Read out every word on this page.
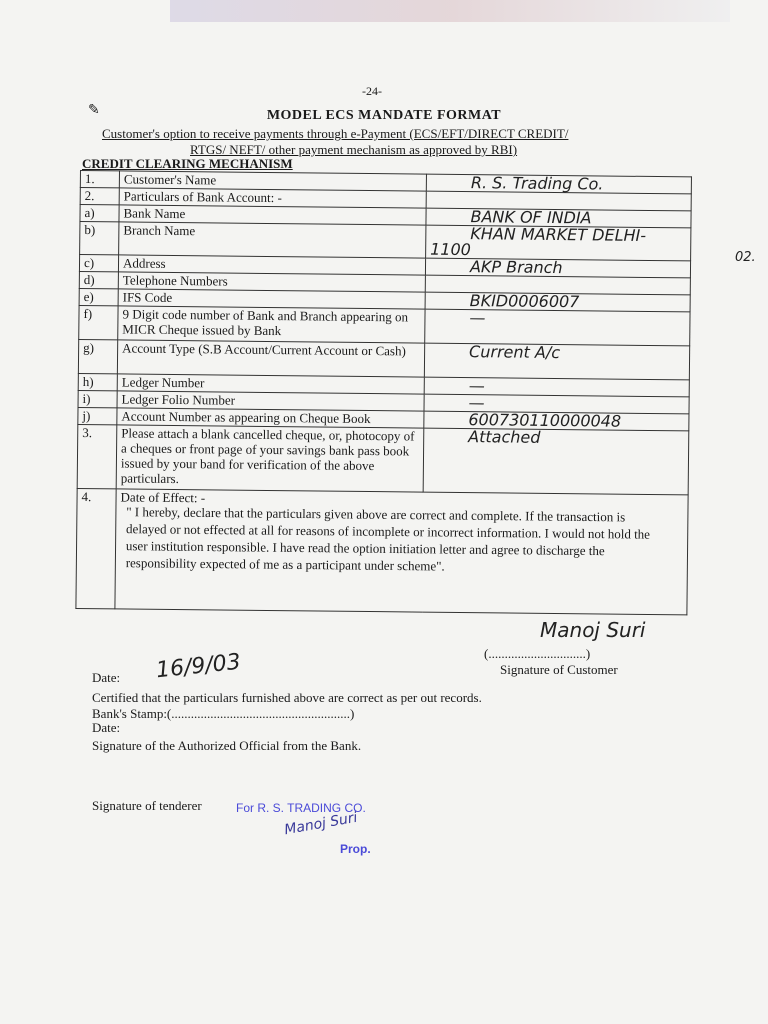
-24-
✎	MODEL ECS MANDATE FORMAT
Customer's option to receive payments through e-Payment (ECS/EFT/DIRECT CREDIT/
RTGS/ NEFT/ other payment mechanism as approved by RBI)
CREDIT CLEARING MECHANISM
1.	Customer's Name	R. S. Trading Co.
2.	Particulars of Bank Account: -	
a)	Bank Name	BANK OF INDIA
b)	Branch Name	KHAN MARKET DELHI-1100
c)	Address	AKP Branch
d)	Telephone Numbers	
e)	IFS Code	BKID0006007
f)	9 Digit code number of Bank and Branch appearing on MICR Cheque issued by Bank	—
g)	Account Type (S.B Account/Current Account or Cash)	Current A/c
h)	Ledger Number	—
i)	Ledger Folio Number	—
j)	Account Number as appearing on Cheque Book	600730110000048
3.	Please attach a blank cancelled cheque, or, photocopy of a cheques or front page of your savings bank pass book issued by your band for verification of the above particulars.	Attached
4.	Date of Effect: -
" I hereby, declare that the particulars given above are correct and complete. If the transaction is delayed or not effected at all for reasons of incomplete or incorrect information. I would not hold the user institution responsible. I have read the option initiation letter and agree to discharge the responsibility expected of me as a participant under scheme".
02.
Manoj Suri
(..............................)
Signature of Customer
Date: 16/9/03
Certified that the particulars furnished above are correct as per out records.
Bank's Stamp:(.......................................................)
Date:
Signature of the Authorized Official from the Bank.
Signature of tenderer	For R. S. TRADING CO.
Manoj Suri
Prop.
